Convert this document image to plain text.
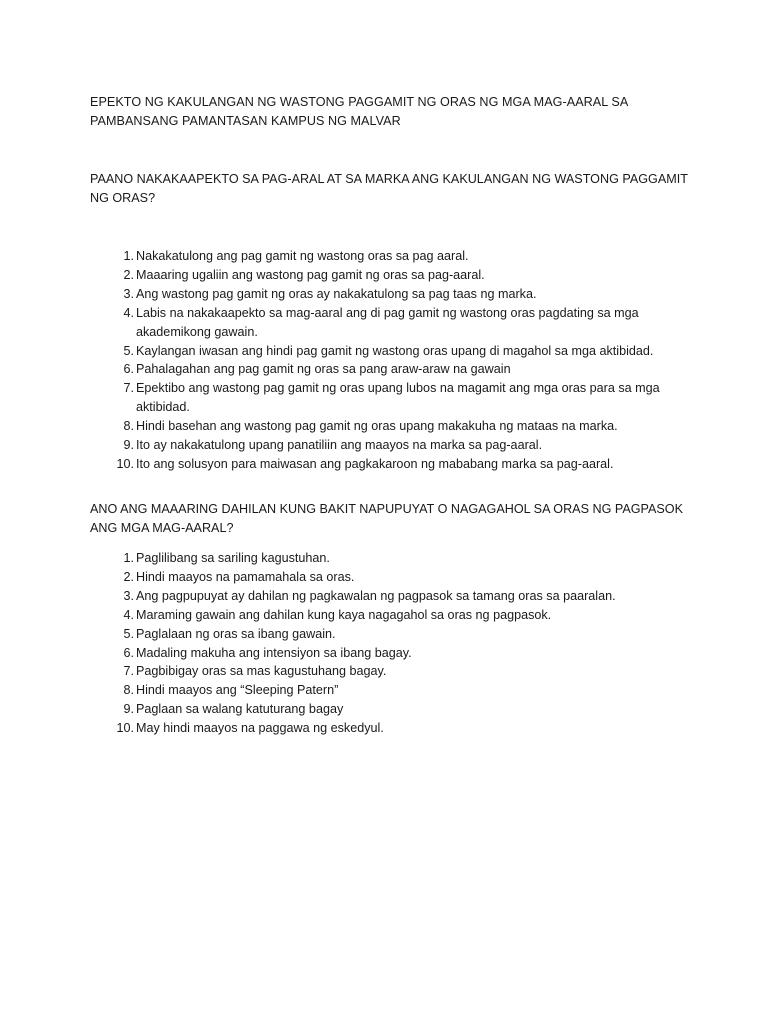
EPEKTO NG KAKULANGAN NG WASTONG PAGGAMIT NG ORAS NG MGA MAG-AARAL SA
PAMBANSANG PAMANTASAN KAMPUS NG MALVAR
PAANO NAKAKAAPEKTO SA PAG-ARAL AT SA MARKA ANG KAKULANGAN NG WASTONG PAGGAMIT NG ORAS?
1 . Nakakatulong ang pag gamit ng wastong oras sa pag aaral.
2 . Maaaring ugaliin ang wastong pag gamit ng oras sa pag-aaral.
3 . Ang wastong pag gamit ng oras ay nakakatulong sa pag taas ng marka.
4 . Labis na nakakaapekto sa mag-aaral ang di pag gamit ng wastong oras pagdating sa mga akademikong gawain.
5 . Kaylangan iwasan ang hindi pag gamit ng wastong oras upang di magahol sa mga aktibidad.
6 . Pahalagahan ang pag gamit ng oras sa pang araw-araw na gawain
7 . Epektibo ang wastong pag gamit ng oras upang lubos na magamit ang mga oras para sa mga aktibidad.
8 . Hindi basehan ang wastong pag gamit ng oras upang makakuha ng mataas na marka.
9 . Ito ay nakakatulong upang panatiliin ang maayos na marka sa pag-aaral.
10 . Ito ang solusyon para maiwasan ang pagkakaroon ng mababang marka sa pag-aaral.
ANO ANG MAAARING DAHILAN KUNG BAKIT NAPUPUYAT O NAGAGAHOL SA ORAS NG PAGPASOK ANG MGA MAG-AARAL?
1 . Paglilibang sa sariling kagustuhan.
2 . Hindi maayos na pamamahala sa oras.
3 . Ang pagpupuyat ay dahilan ng pagkawalan ng pagpasok sa tamang oras sa paaralan.
4 . Maraming gawain ang dahilan kung kaya nagagahol sa oras ng pagpasok.
5 . Paglalaan ng oras sa ibang gawain.
6 . Madaling makuha ang intensiyon sa ibang bagay.
7 . Pagbibigay oras sa mas kagustuhang bagay.
8 . Hindi maayos ang “Sleeping Patern”
9 . Paglaan sa walang katuturang bagay
10 . May hindi maayos na paggawa ng eskedyul.
